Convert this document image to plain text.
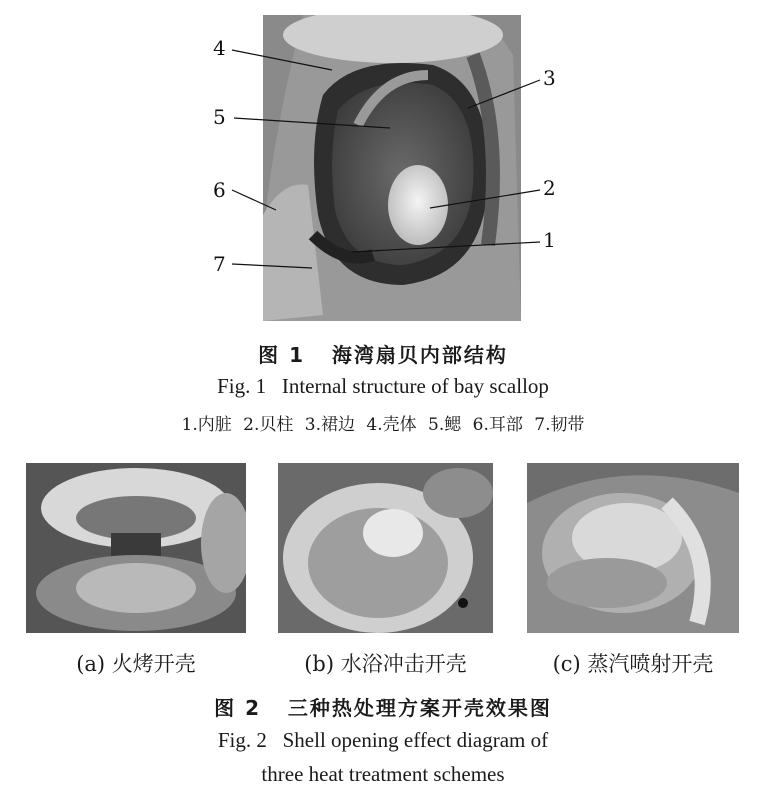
4
5
6
7
3
2
1
图 1   海湾扇贝内部结构
Fig. 1   Internal structure of bay scallop
1.内脏 2.贝柱 3.裙边 4.壳体 5.鳃 6.耳部 7.韧带
(a) 火烤开壳	(b) 水浴冲击开壳	(c) 蒸汽喷射开壳
图 2   三种热处理方案开壳效果图
Fig. 2   Shell opening effect diagram of
three heat treatment schemes
